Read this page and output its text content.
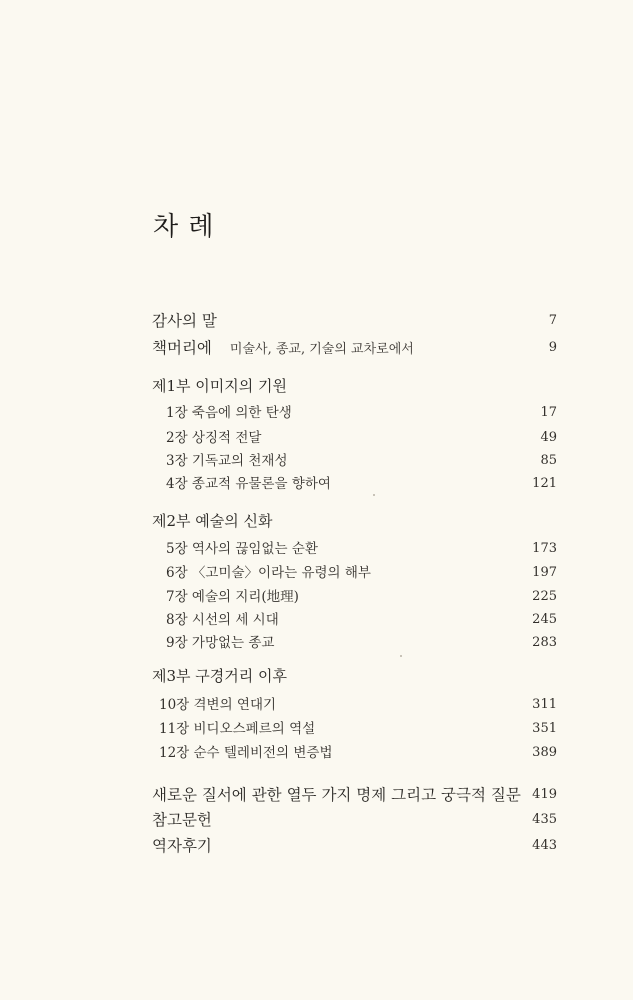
차 례
감사의 말	7
책머리에 미술사, 종교, 기술의 교차로에서	9
제1부 이미지의 기원
1장 죽음에 의한 탄생	17
2장 상징적 전달	49
3장 기독교의 천재성	85
4장 종교적 유물론을 향하여	121
제2부 예술의 신화
5장 역사의 끊임없는 순환	173
6장 〈고미술〉이라는 유령의 해부	197
7장 예술의 지리(地理)	225
8장 시선의 세 시대	245
9장 가망없는 종교	283
제3부 구경거리 이후
10장 격변의 연대기	311
11장 비디오스페르의 역설	351
12장 순수 텔레비전의 변증법	389
새로운 질서에 관한 열두 가지 명제 그리고 궁극적 질문 419
참고문헌	435
역자후기	443
